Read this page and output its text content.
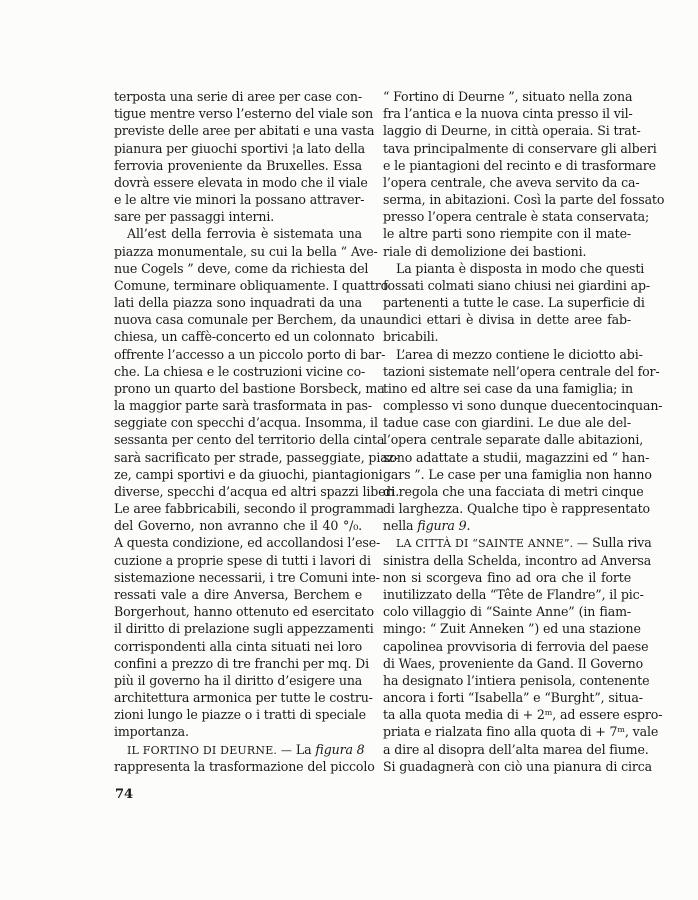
terposta una serie di aree per case con-
tigue mentre verso l’esterno del viale son
previste delle aree per abitati e una vasta
pianura per giuochi sportivi ¦a lato della
ferrovia proveniente da Bruxelles. Essa
dovrà essere elevata in modo che il viale
e le altre vie minori la possano attraver-
sare per passaggi interni.
All’est della ferrovia è sistemata una
piazza monumentale, su cui la bella “ Ave-
nue Cogels ” deve, come da richiesta del
Comune, terminare obliquamente. I quattro
lati della piazza sono inquadrati da una
nuova casa comunale per Berchem, da una
chiesa, un caffè-concerto ed un colonnato
offrente l’accesso a un piccolo porto di bar-
che. La chiesa e le costruzioni vicine co-
prono un quarto del bastione Borsbeck, ma
la maggior parte sarà trasformata in pas-
seggiate con specchi d’acqua. Insomma, il
sessanta per cento del territorio della cinta
sarà sacrificato per strade, passeggiate, piaz-
ze, campi sportivi e da giuochi, piantagioni
diverse, specchi d’acqua ed altri spazzi liberi.
Le aree fabbricabili, secondo il programma
del Governo, non avranno che il 40 °/₀.
A questa condizione, ed accollandosi l’ese-
cuzione a proprie spese di tutti i lavori di
sistemazione necessarii, i tre Comuni inte-
ressati vale a dire Anversa, Berchem e
Borgerhout, hanno ottenuto ed esercitato
il diritto di prelazione sugli appezzamenti
corrispondenti alla cinta situati nei loro
confini a prezzo di tre franchi per mq. Di
più il governo ha il diritto d’esigere una
architettura armonica per tutte le costru-
zioni lungo le piazze o i tratti di speciale
importanza.
IL FORTINO DI DEURNE. — La figura 8
rappresenta la trasformazione del piccolo
“ Fortino di Deurne ”, situato nella zona
fra l’antica e la nuova cinta presso il vil-
laggio di Deurne, in città operaia. Si trat-
tava principalmente di conservare gli alberi
e le piantagioni del recinto e di trasformare
l’opera centrale, che aveva servito da ca-
serma, in abitazioni. Così la parte del fossato
presso l’opera centrale è stata conservata;
le altre parti sono riempite con il mate-
riale di demolizione dei bastioni.
La pianta è disposta in modo che questi
fossati colmati siano chiusi nei giardini ap-
partenenti a tutte le case. La superficie di
undici ettari è divisa in dette aree fab-
bricabili.
L’area di mezzo contiene le diciotto abi-
tazioni sistemate nell’opera centrale del for-
tino ed altre sei case da una famiglia; in
complesso vi sono dunque duecentocinquan-
tadue case con giardini. Le due ale del-
l’opera centrale separate dalle abitazioni,
sono adattate a studii, magazzini ed “ han-
gars ”. Le case per una famiglia non hanno
di regola che una facciata di metri cinque
di larghezza. Qualche tipo è rappresentato
nella figura 9.
LA CITTÀ DI “SAINTE ANNE”. — Sulla riva
sinistra della Schelda, incontro ad Anversa
non si scorgeva fino ad ora che il forte
inutilizzato della “Tête de Flandre”, il pic-
colo villaggio di “Sainte Anne” (in fiam-
mingo: “ Zuit Anneken ”) ed una stazione
capolinea provvisoria di ferrovia del paese
di Waes, proveniente da Gand. Il Governo
ha designato l’intiera penisola, contenente
ancora i forti “Isabella” e “Burght”, situa-
ta alla quota media di + 2ᵐ, ad essere espro-
priata e rialzata fino alla quota di + 7ᵐ, vale
a dire al disopra dell’alta marea del fiume.
Si guadagnerà con ciò una pianura di circa
74
